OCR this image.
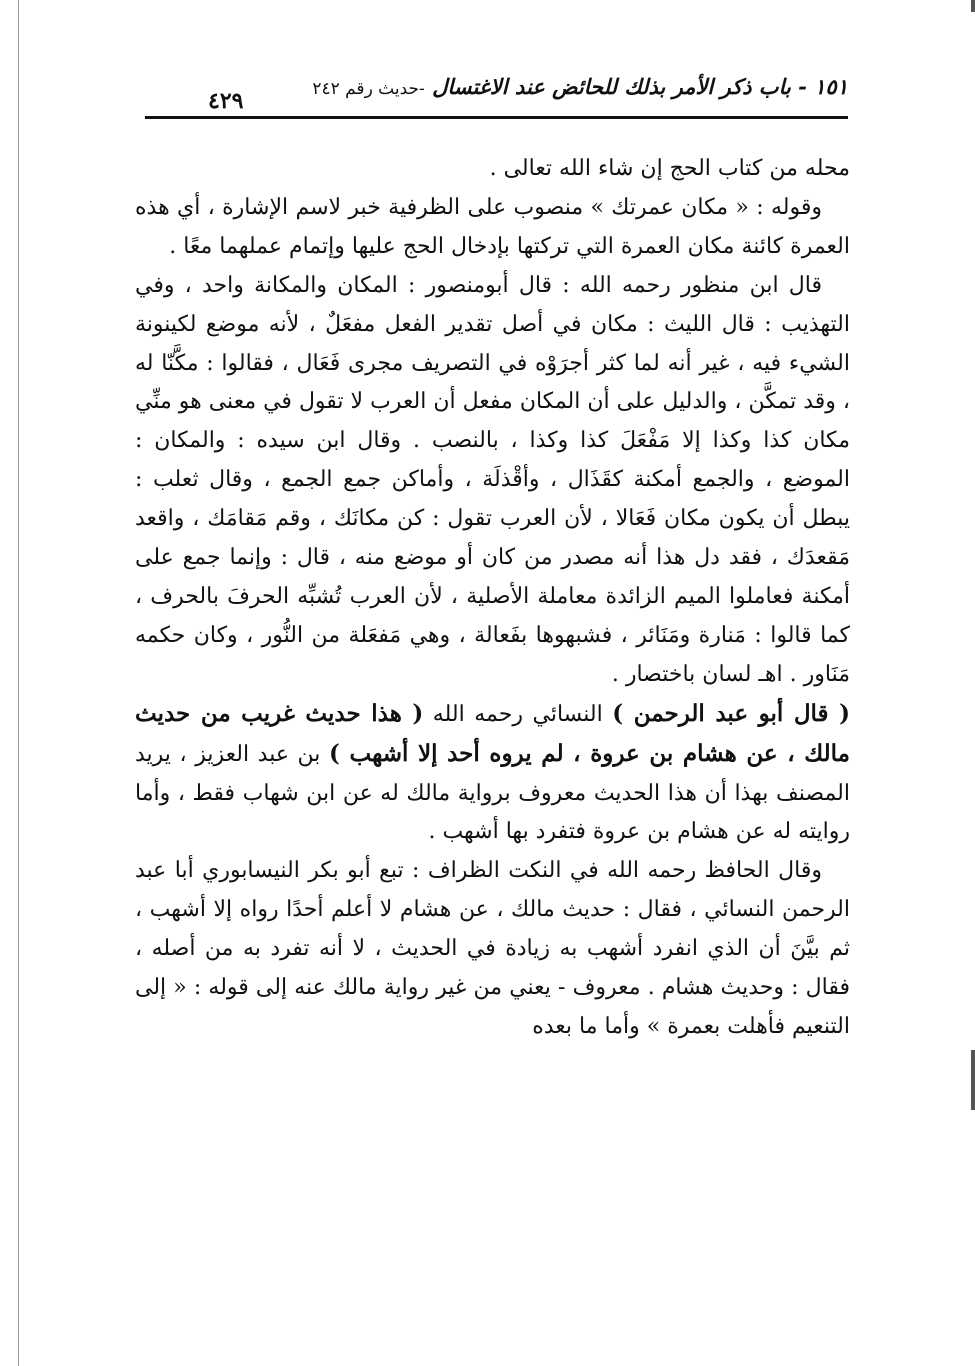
١٥١ - باب ذكر الأمر بذلك للحائض عند الاغتسال -حديث رقم ٢٤٢
٤٢٩

محله من كتاب الحج إن شاء الله تعالى .

وقوله : « مكان عمرتك » منصوب على الظرفية خبر لاسم الإشارة ، أي هذه العمرة كائنة مكان العمرة التي تركتها بإدخال الحج عليها وإتمام عملهما معًا .

قال ابن منظور رحمه الله : قال أبومنصور : المكان والمكانة واحد ، وفي التهذيب : قال الليث : مكان في أصل تقدير الفعل مفعَلٌ ، لأنه موضع لكينونة الشيء فيه ، غير أنه لما كثر أجرَوْه في التصريف مجرى فَعَال ، فقالوا : مكَّنّا له ، وقد تمكَّن ، والدليل على أن المكان مفعل أن العرب لا تقول في معنى هو منِّي مكان كذا وكذا إلا مَفْعَلَ كذا وكذا ، بالنصب . وقال ابن سيده : والمكان : الموضع ، والجمع أمكنة كقَذَال ، وأقْذلَة ، وأماكن جمع الجمع ، وقال ثعلب : يبطل أن يكون مكان فَعَالا ، لأن العرب تقول : كن مكانَك ، وقم مَقامَك ، واقعد مَقعدَك ، فقد دل هذا أنه مصدر من كان أو موضع منه ، قال : وإنما جمع على أمكنة فعاملوا الميم الزائدة معاملة الأصلية ، لأن العرب تُشبِّه الحرفَ بالحرف ، كما قالوا : مَنارة ومَنَائر ، فشبهوها بفَعالة ، وهي مَفعَلة من النُّور ، وكان حكمه مَنَاور . اهـ لسان باختصار .

( قال أبو عبد الرحمن ) النسائي رحمه الله ( هذا حديث غريب من حديث مالك ، عن هشام بن عروة ، لم يروه أحد إلا أشهب ) بن عبد العزيز ، يريد المصنف بهذا أن هذا الحديث معروف برواية مالك له عن ابن شهاب فقط ، وأما روايته له عن هشام بن عروة فتفرد بها أشهب .

وقال الحافظ رحمه الله في النكت الظراف : تبع أبو بكر النيسابوري أبا عبد الرحمن النسائي ، فقال : حديث مالك ، عن هشام لا أعلم أحدًا رواه إلا أشهب ، ثم بيَّنَ أن الذي انفرد أشهب به زيادة في الحديث ، لا أنه تفرد به من أصله ، فقال : وحديث هشام . معروف - يعني من غير رواية مالك عنه إلى قوله : « إلى التنعيم فأهلت بعمرة » وأما ما بعده
